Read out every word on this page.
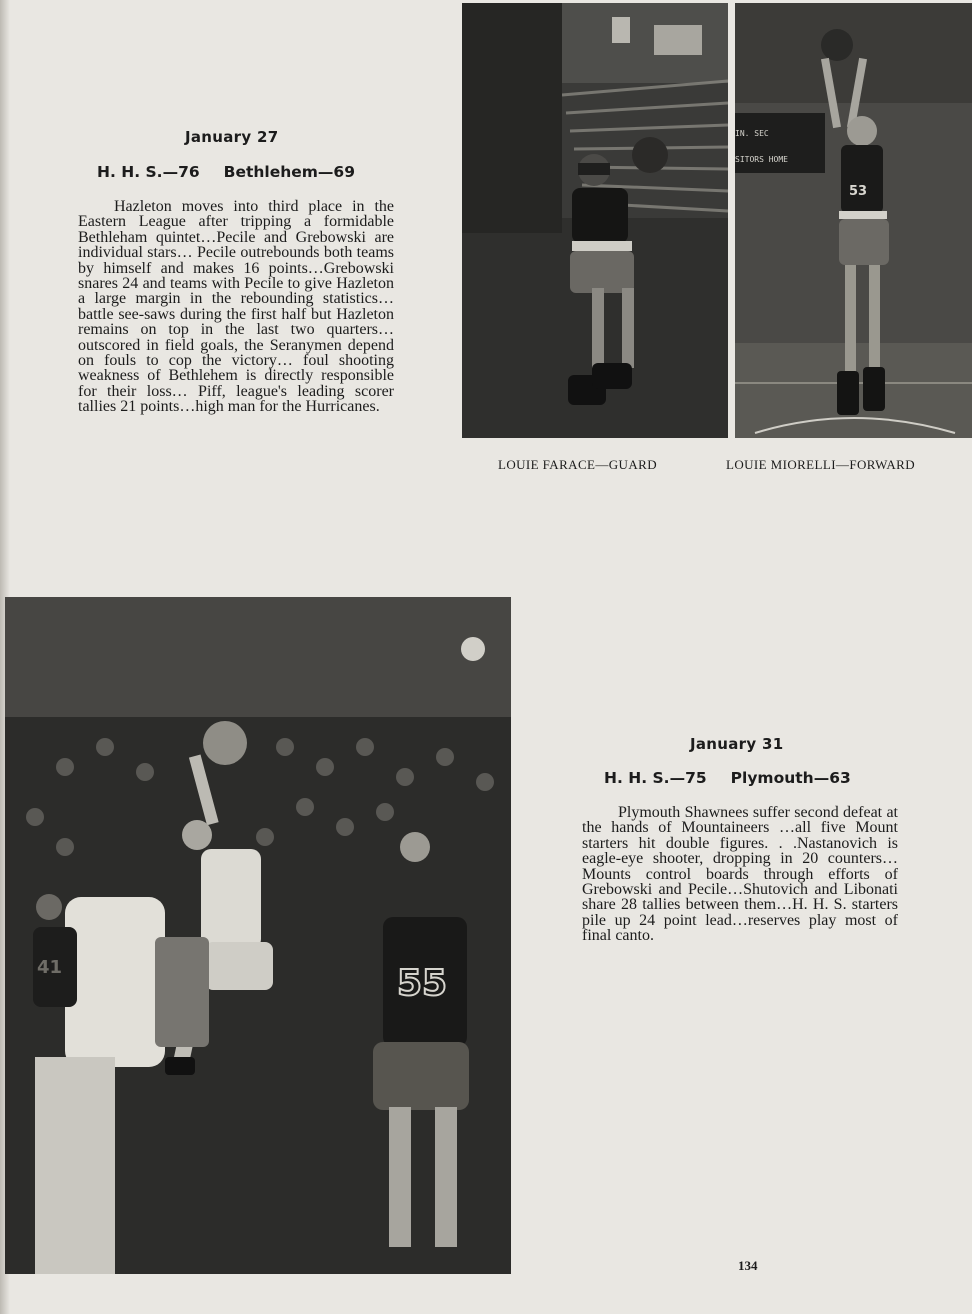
January 27
H. H. S.—76 Bethlehem—69

Hazleton moves into third place in the Eastern League after tripping a formidable Bethleham quintet…Pecile and Grebowski are individual stars… Pecile outrebounds both teams by himself and makes 16 points…Grebowski snares 24 and teams with Pecile to give Hazleton a large margin in the rebounding statistics…battle see-saws during the first half but Hazleton remains on top in the last two quarters…outscored in field goals, the Seranymen depend on fouls to cop the victory… foul shooting weakness of Bethlehem is directly responsible for their loss… Piff, league's leading scorer tallies 21 points…high man for the Hurricanes.

53
IN. SEC
SITORS HOME
LOUIE FARACE—GUARD	LOUIE MIORELLI—FORWARD
55
41
January 31
H. H. S.—75 Plymouth—63

Plymouth Shawnees suffer second defeat at the hands of Mountaineers …all five Mount starters hit double figures. . .Nastanovich is eagle-eye shooter, dropping in 20 counters… Mounts control boards through efforts of Grebowski and Pecile…Shutovich and Libonati share 28 tallies between them…H. H. S. starters pile up 24 point lead…reserves play most of final canto.

134
